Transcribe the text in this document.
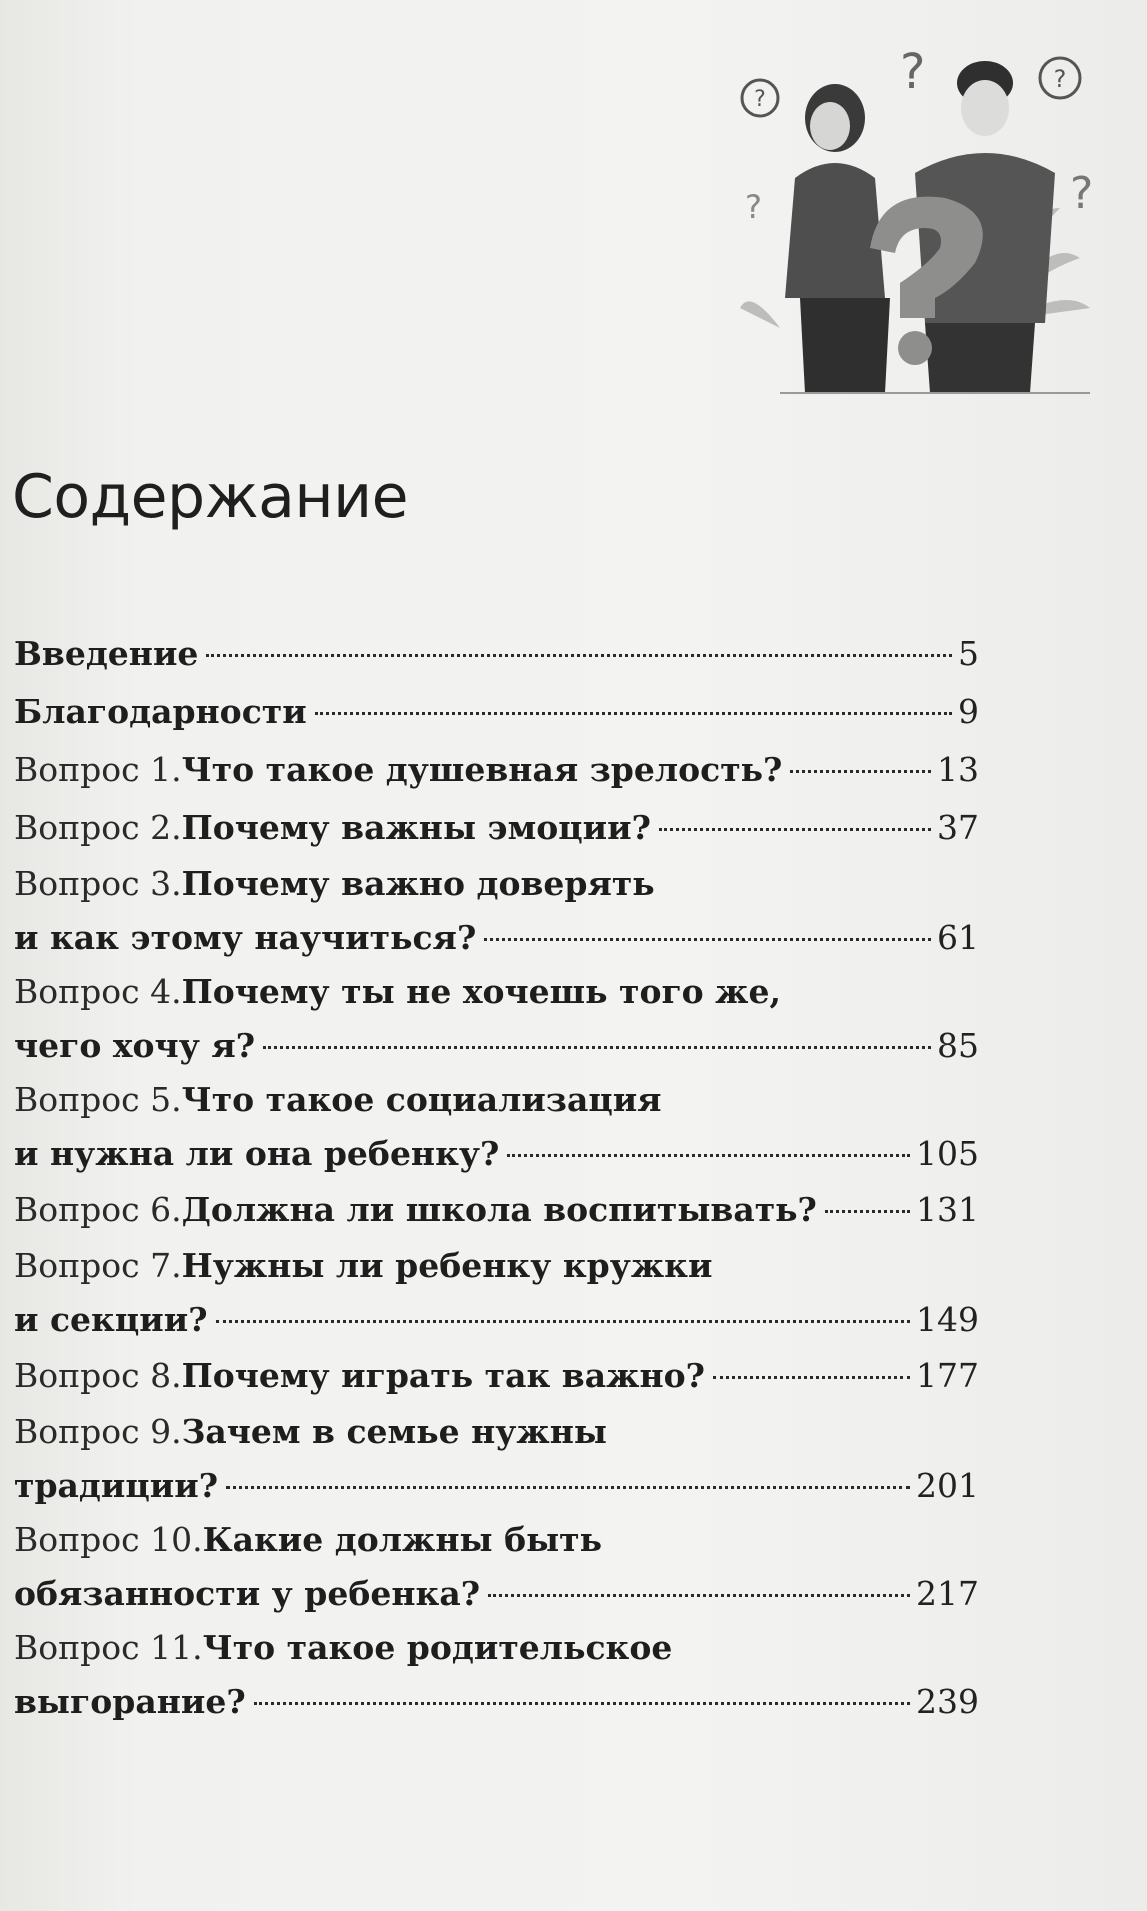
?
?
?
?
?
Содержание
Введение	5
Благодарности	9
Вопрос 1. Что такое душевная зрелость?	13
Вопрос 2. Почему важны эмоции?	37
Вопрос 3. Почему важно доверять
и как этому научиться?	61
Вопрос 4. Почему ты не хочешь того же,
чего хочу я?	85
Вопрос 5. Что такое социализация
и нужна ли она ребенку?	105
Вопрос 6. Должна ли школа воспитывать?	131
Вопрос 7. Нужны ли ребенку кружки
и секции?	149
Вопрос 8. Почему играть так важно?	177
Вопрос 9. Зачем в семье нужны
традиции?	201
Вопрос 10. Какие должны быть
обязанности у ребенка?	217
Вопрос 11. Что такое родительское
выгорание?	239
